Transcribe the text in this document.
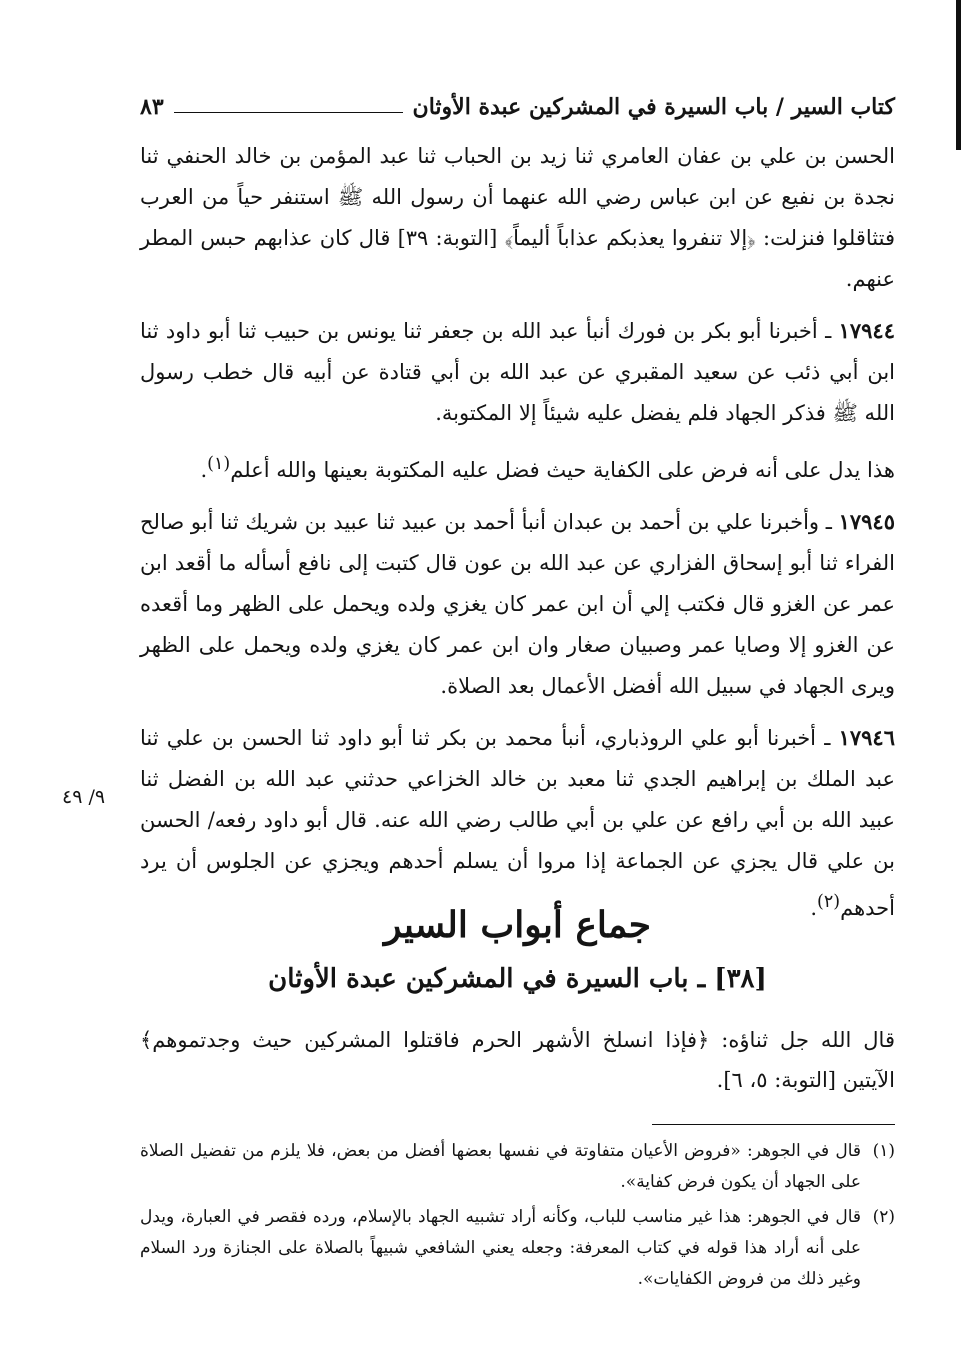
كتاب السير / باب السيرة في المشركين عبدة الأوثان
٨٣

الحسن بن علي بن عفان العامري ثنا زيد بن الحباب ثنا عبد المؤمن بن خالد الحنفي ثنا نجدة بن نفيع عن ابن عباس رضي الله عنهما أن رسول الله ﷺ استنفر حياً من العرب فتثاقلوا فنزلت: ﴿إلا تنفروا يعذبكم عذاباً أليماً﴾ [التوبة: ٣٩] قال كان عذابهم حبس المطر عنهم.

١٧٩٤٤ ـ أخبرنا أبو بكر بن فورك أنبأ عبد الله بن جعفر ثنا يونس بن حبيب ثنا أبو داود ثنا ابن أبي ذئب عن سعيد المقبري عن عبد الله بن أبي قتادة عن أبيه قال خطب رسول الله ﷺ فذكر الجهاد فلم يفضل عليه شيئاً إلا المكتوبة.

هذا يدل على أنه فرض على الكفاية حيث فضل عليه المكتوبة بعينها والله أعلم$^{(١)}$.

١٧٩٤٥ ـ وأخبرنا علي بن أحمد بن عبدان أنبأ أحمد بن عبيد ثنا عبيد بن شريك ثنا أبو صالح الفراء ثنا أبو إسحاق الفزاري عن عبد الله بن عون قال كتبت إلى نافع أسأله ما أقعد ابن عمر عن الغزو قال فكتب إلي أن ابن عمر كان يغزي ولده ويحمل على الظهر وما أقعده عن الغزو إلا وصايا عمر وصبيان صغار وان ابن عمر كان يغزي ولده ويحمل على الظهر ويرى الجهاد في سبيل الله أفضل الأعمال بعد الصلاة.

١٧٩٤٦ ـ أخبرنا أبو علي الروذباري، أنبأ محمد بن بكر ثنا أبو داود ثنا الحسن بن علي ثنا عبد الملك بن إبراهيم الجدي ثنا معبد بن خالد الخزاعي حدثني عبد الله بن الفضل ثنا عبيد الله بن أبي رافع عن علي بن أبي طالب رضي الله عنه. قال أبو داود رفعه/ الحسن بن علي قال يجزي عن الجماعة إذا مروا أن يسلم أحدهم ويجزي عن الجلوس أن يرد أحدهم$^{(٢)}$.

٩/ ٤٩
جماع أبواب السير
[٣٨] ـ باب السيرة في المشركين عبدة الأوثان

قال الله جل ثناؤه: ﴿فإذا انسلخ الأشهر الحرم فاقتلوا المشركين حيث وجدتموهم﴾ الآيتين [التوبة: ٥، ٦].

(١)
قال في الجوهر: «فروض الأعيان متفاوتة في نفسها بعضها أفضل من بعض، فلا يلزم من تفضيل الصلاة على الجهاد أن يكون فرض كفاية».
(٢)
قال في الجوهر: هذا غير مناسب للباب، وكأنه أراد تشبيه الجهاد بالإسلام، ورده فقصر في العبارة، ويدل على أنه أراد هذا قوله في كتاب المعرفة: وجعله يعني الشافعي شبيهاً بالصلاة على الجنازة ورد السلام وغير ذلك من فروض الكفايات».
